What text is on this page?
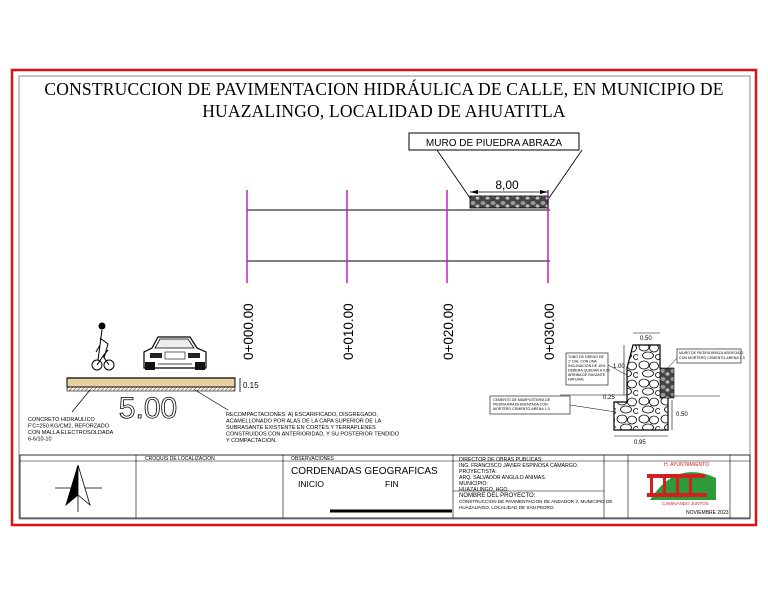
8,00
MURO DE PIUEDRA ABRAZA
0+000.00	0+010.00	0+020.00	0+030.00
5.00
0.15
CONCRETO HIDRAULICO F'C=250 KG/CM2, REFORZADO CON MALLA ELECTROSOLDADA 6-6/10-10
RECOMPACTACIONES: A) ESCARIFICADO, DISGREGADO, ACAMELLONADO POR ALAS DE LA CAPA SUPERIOR DE LA SUBRASANTE EXISTENTE EN CORTES Y TERRAPLENES CONSTRUIDOS CON ANTERIORIDAD, Y SU POSTERIOR TENDIDO Y COMPACTACION.
0.50
1.00
0.25
0.50
0.95
TUBO DE DRENO DE 1" DIA. CON UNA INCLINACION DE 10% DEBERA QUEDAR A 0.50 ARRIBA DE RASANTE NATURAL
CEMENTO DE MAMPOSTERIA DE PIEDRA BRAZA ASENTADA CON MORTERO CEMENTO-ARENA 1:3
MURO DE PIEDRA BRAZA ASENTADO CON MORTERO CEMENTO-ARENA 1:3
CROQUIS DE LOCALIZACION	OBSERVACIONES
CORDENADAS GEOGRAFICAS
INICIO	FIN
DIRECTOR DE OBRAS PUBLICAS: ING. FRANCISCO JAVIER ESPINOSA CAMARGO. PROYECTISTA: ARQ. SALVADOR ANGULO ANIMAS. MUNICIPIO: HUAZALINGO, HGO.
NOMBRE DEL PROYECTO:
CONSTRUCCION DE PAVIMENTACION DE ANDADOR 2, MUNICIPIO DE HUAZALINGO, LOCALIDAD DE SAN PEDRO.
H. AYUNTAMIENTO
CAMINANDO JUNTOS
NOVIEMBRE 2023
CONSTRUCCION DE PAVIMENTACION HIDRÁULICA DE CALLE, EN MUNICIPIO DE
HUAZALINGO, LOCALIDAD DE AHUATITLA
